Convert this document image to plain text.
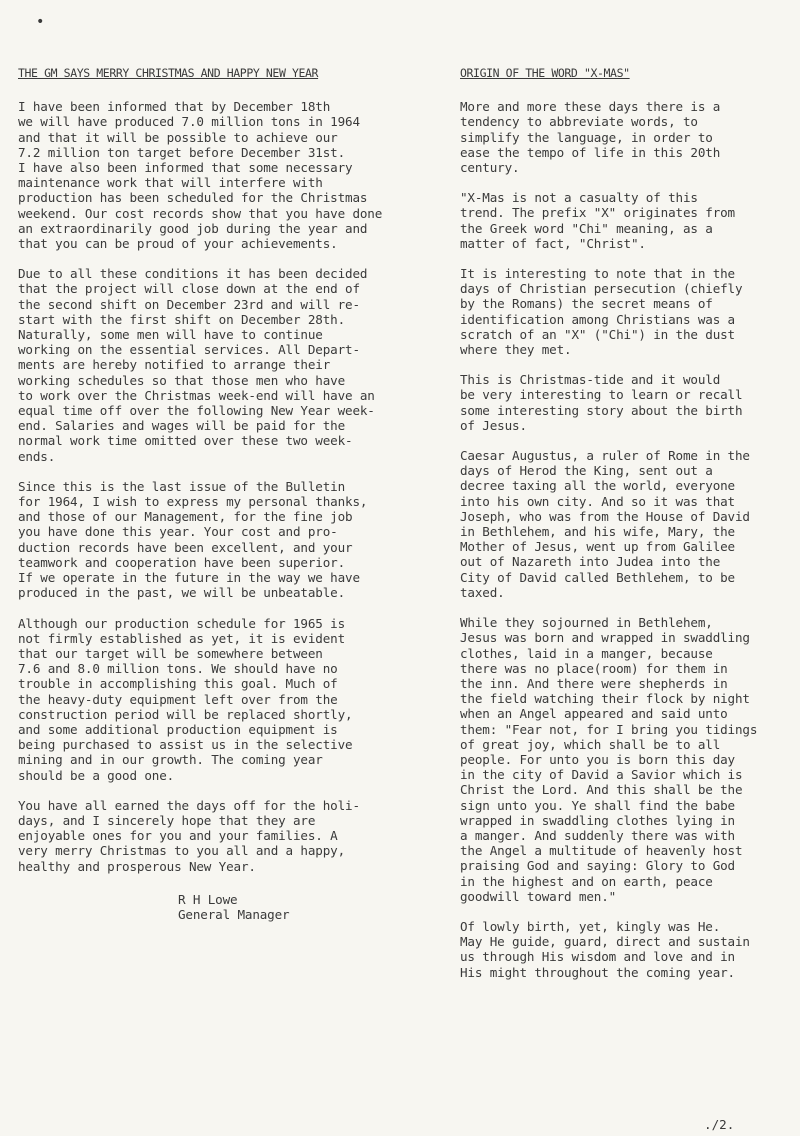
•
THE GM SAYS MERRY CHRISTMAS AND HAPPY NEW YEAR
I have been informed that by December 18th
we will have produced 7.0 million tons in 1964
and that it will be possible to achieve our
7.2 million ton target before December 31st.
I have also been informed that some necessary
maintenance work that will interfere with
production has been scheduled for the Christmas
weekend. Our cost records show that you have done
an extraordinarily good job during the year and
that you can be proud of your achievements.
Due to all these conditions it has been decided
that the project will close down at the end of
the second shift on December 23rd and will re-
start with the first shift on December 28th.
Naturally, some men will have to continue
working on the essential services. All Depart-
ments are hereby notified to arrange their
working schedules so that those men who have
to work over the Christmas week-end will have an
equal time off over the following New Year week-
end. Salaries and wages will be paid for the
normal work time omitted over these two week-
ends.
Since this is the last issue of the Bulletin
for 1964, I wish to express my personal thanks,
and those of our Management, for the fine job
you have done this year. Your cost and pro-
duction records have been excellent, and your
teamwork and cooperation have been superior.
If we operate in the future in the way we have
produced in the past, we will be unbeatable.
Although our production schedule for 1965 is
not firmly established as yet, it is evident
that our target will be somewhere between
7.6 and 8.0 million tons. We should have no
trouble in accomplishing this goal. Much of
the heavy-duty equipment left over from the
construction period will be replaced shortly,
and some additional production equipment is
being purchased to assist us in the selective
mining and in our growth. The coming year
should be a good one.
You have all earned the days off for the holi-
days, and I sincerely hope that they are
enjoyable ones for you and your families. A
very merry Christmas to you all and a happy,
healthy and prosperous New Year.
R H Lowe
General Manager
ORIGIN OF THE WORD "X-MAS"
More and more these days there is a
tendency to abbreviate words, to
simplify the language, in order to
ease the tempo of life in this 20th
century.
"X-Mas is not a casualty of this
trend. The prefix "X" originates from
the Greek word "Chi" meaning, as a
matter of fact, "Christ".
It is interesting to note that in the
days of Christian persecution (chiefly
by the Romans) the secret means of
identification among Christians was a
scratch of an "X" ("Chi") in the dust
where they met.
This is Christmas-tide and it would
be very interesting to learn or recall
some interesting story about the birth
of Jesus.
Caesar Augustus, a ruler of Rome in the
days of Herod the King, sent out a
decree taxing all the world, everyone
into his own city. And so it was that
Joseph, who was from the House of David
in Bethlehem, and his wife, Mary, the
Mother of Jesus, went up from Galilee
out of Nazareth into Judea into the
City of David called Bethlehem, to be
taxed.
While they sojourned in Bethlehem,
Jesus was born and wrapped in swaddling
clothes, laid in a manger, because
there was no place(room) for them in
the inn. And there were shepherds in
the field watching their flock by night
when an Angel appeared and said unto
them: "Fear not, for I bring you tidings
of great joy, which shall be to all
people. For unto you is born this day
in the city of David a Savior which is
Christ the Lord. And this shall be the
sign unto you. Ye shall find the babe
wrapped in swaddling clothes lying in
a manger. And suddenly there was with
the Angel a multitude of heavenly host
praising God and saying: Glory to God
in the highest and on earth, peace
goodwill toward men."
Of lowly birth, yet, kingly was He.
May He guide, guard, direct and sustain
us through His wisdom and love and in
His might throughout the coming year.
./2.
